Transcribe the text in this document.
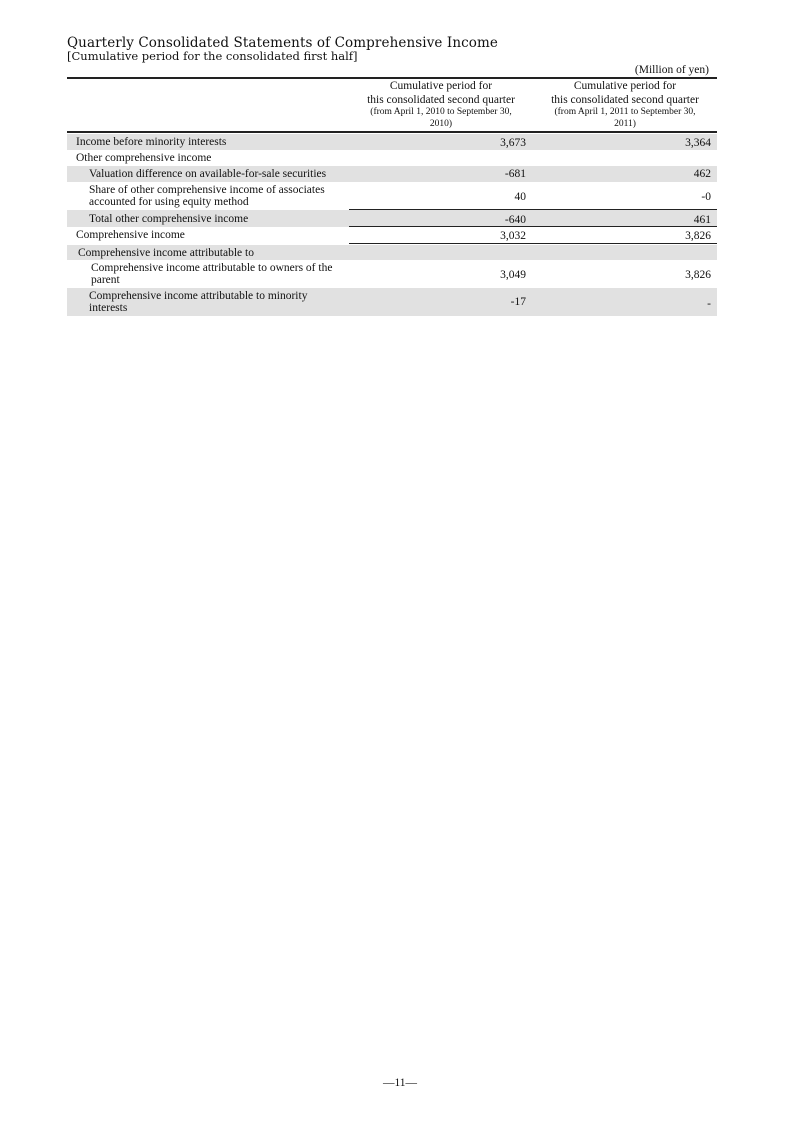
Quarterly Consolidated Statements of Comprehensive Income
[Cumulative period for the consolidated first half]
(Million of yen)
Cumulative period for
this consolidated second quarter
(from April 1, 2010 to September 30,
2010)
Cumulative period for
this consolidated second quarter
(from April 1, 2011 to September 30,
2011)
Income before minority interests	3,673	3,364
Other comprehensive income
Valuation difference on available-for-sale securities	-681	462
Share of other comprehensive income of associates
accounted for using equity method	40	-0
Total other comprehensive income	-640	461
Comprehensive income	3,032	3,826
Comprehensive income attributable to
Comprehensive income attributable to owners of the
parent	3,049	3,826
Comprehensive income attributable to minority
interests	-17	-
―11―
